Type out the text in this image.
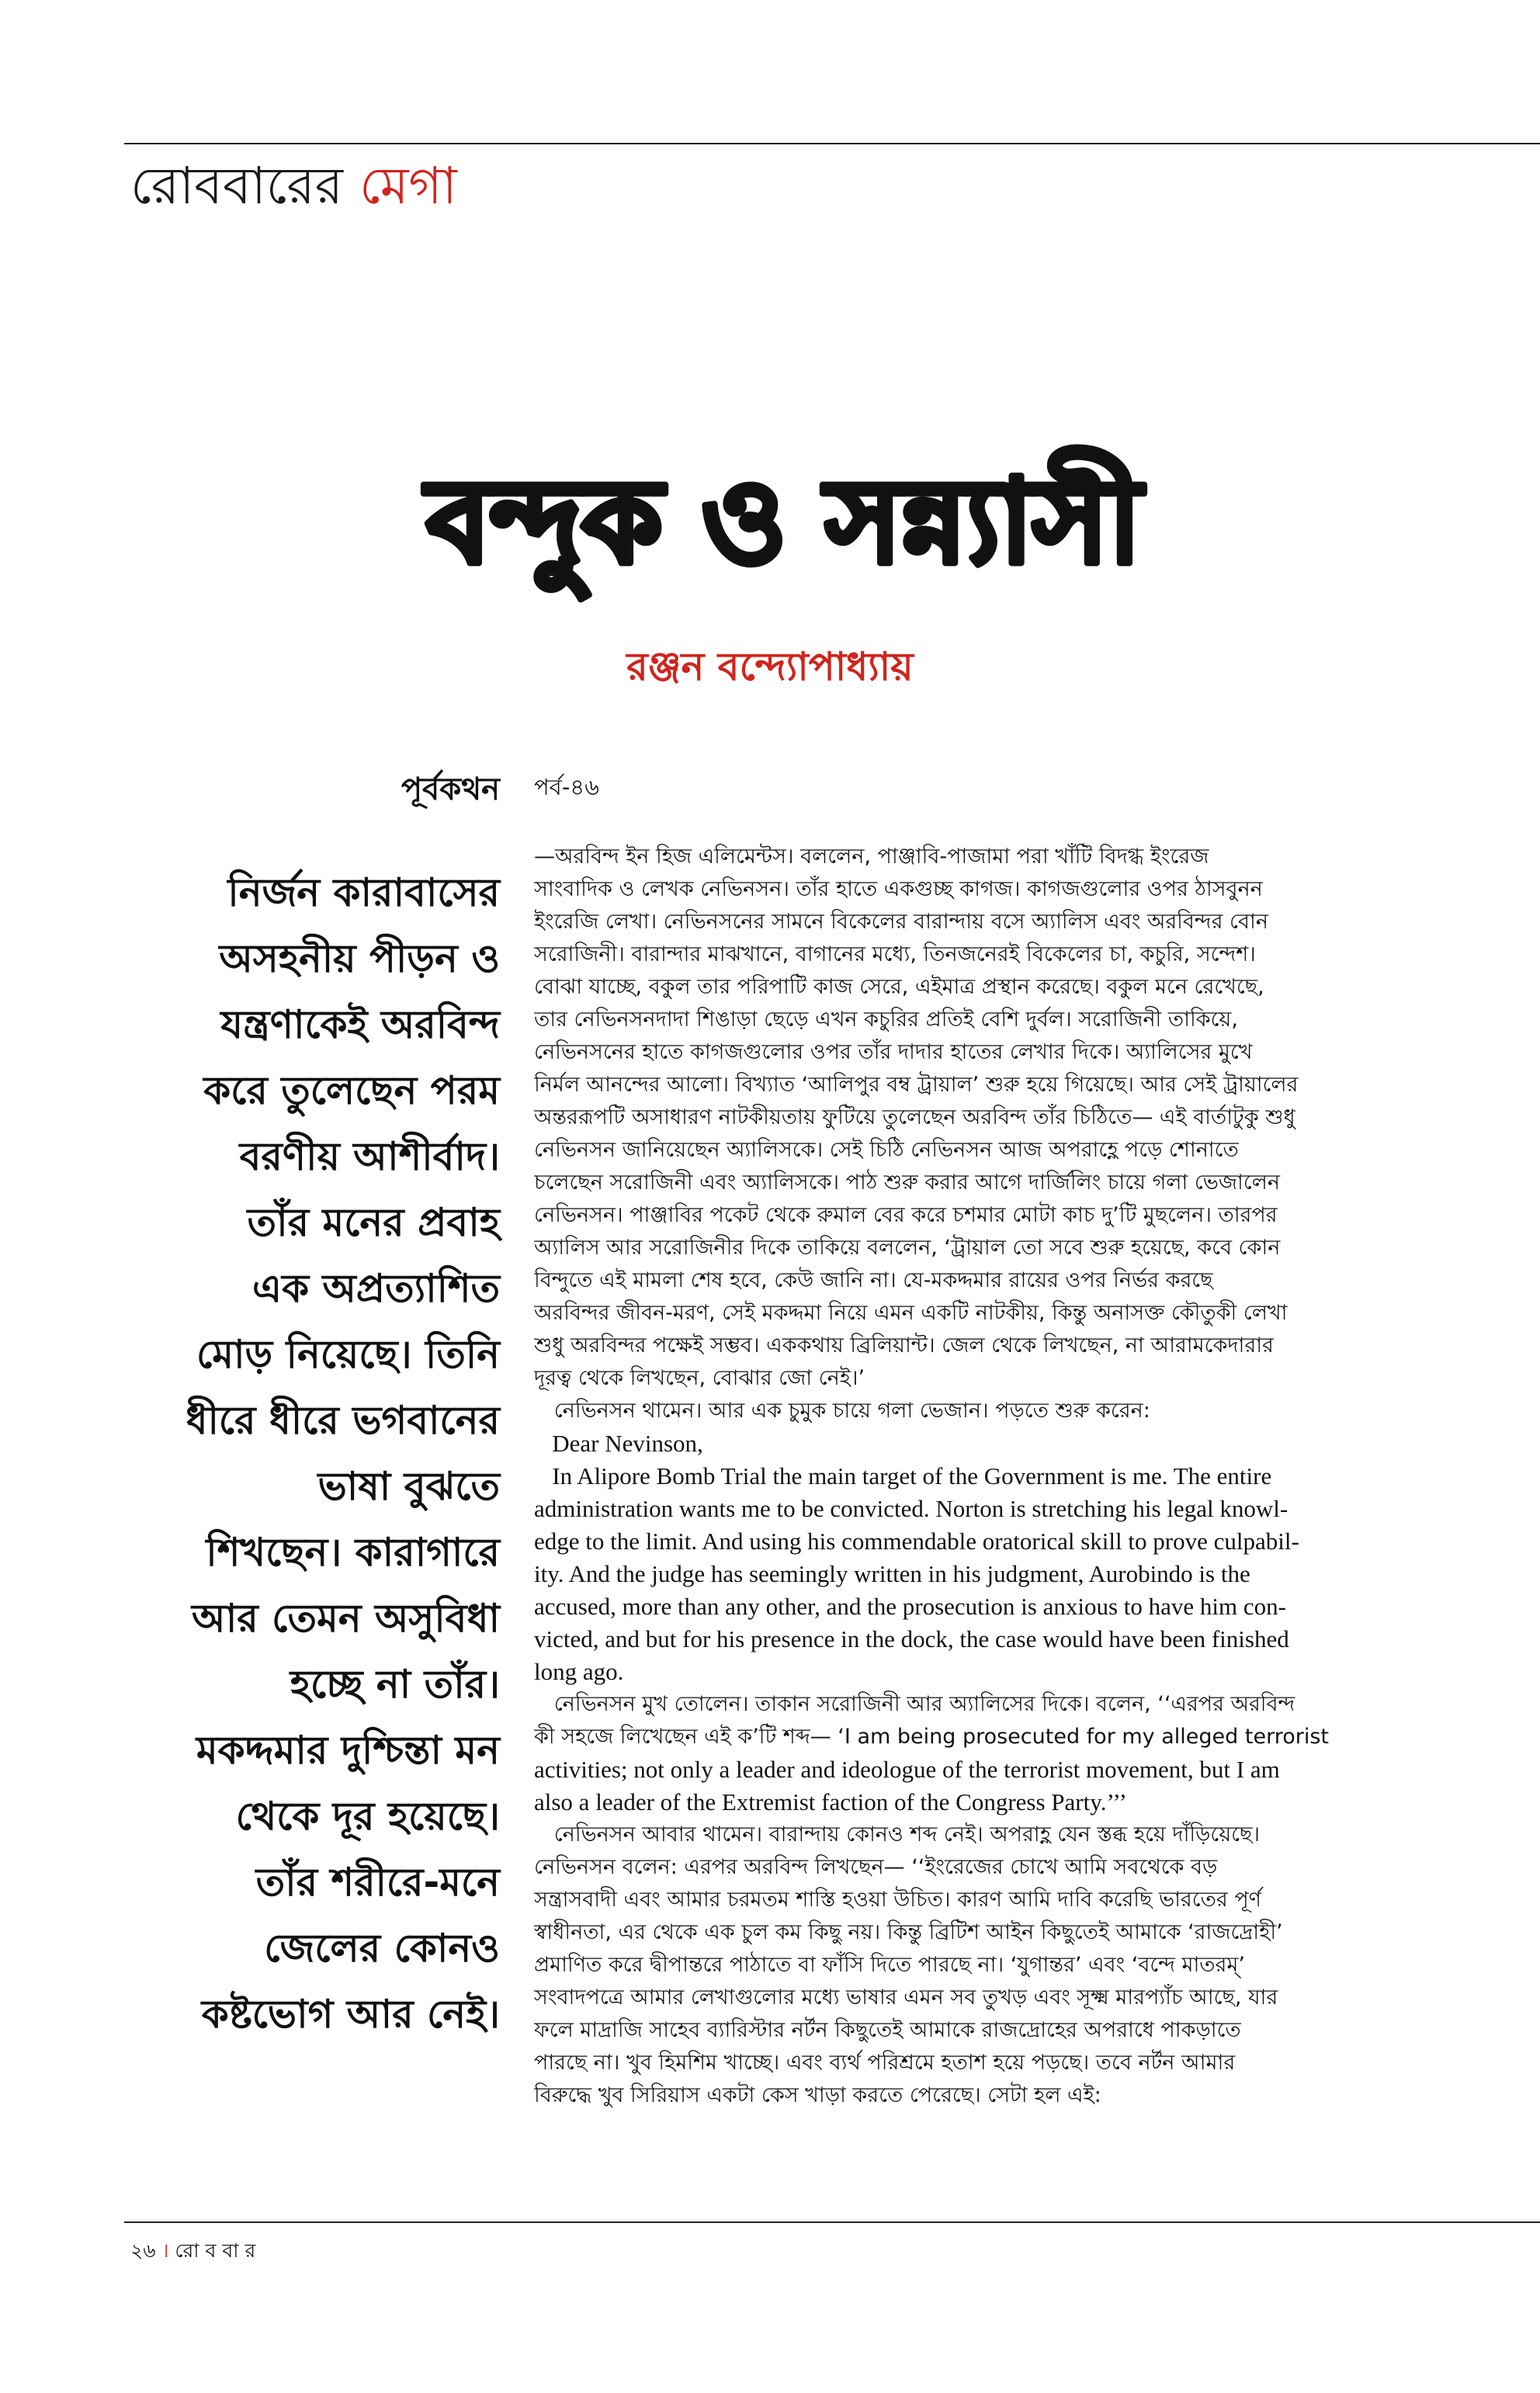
রোববারের মেগা
বন্দুক ও সন্ন্যাসী
রঞ্জন বন্দ্যোপাধ্যায়
পূর্বকথন
নির্জন কারাবাসের
অসহনীয় পীড়ন ও
যন্ত্রণাকেই অরবিন্দ
করে তুলেছেন পরম
বরণীয় আশীর্বাদ।
তাঁর মনের প্রবাহ
এক অপ্রত্যাশিত
মোড় নিয়েছে। তিনি
ধীরে ধীরে ভগবানের
ভাষা বুঝতে
শিখছেন। কারাগারে
আর তেমন অসুবিধা
হচ্ছে না তাঁর।
মকদ্দমার দুশ্চিন্তা মন
থেকে দূর হয়েছে।
তাঁর শরীরে-মনে
জেলের কোনও
কষ্টভোগ আর নেই।
পর্ব-৪৬
—অরবিন্দ ইন হিজ এলিমেন্টস। বললেন, পাঞ্জাবি-পাজামা পরা খাঁটি বিদগ্ধ ইংরেজ
সাংবাদিক ও লেখক নেভিনসন। তাঁর হাতে একগুচ্ছ কাগজ। কাগজগুলোর ওপর ঠাসবুনন
ইংরেজি লেখা। নেভিনসনের সামনে বিকেলের বারান্দায় বসে অ্যালিস এবং অরবিন্দর বোন
সরোজিনী। বারান্দার মাঝখানে, বাগানের মধ্যে, তিনজনেরই বিকেলের চা, কচুরি, সন্দেশ।
বোঝা যাচ্ছে, বকুল তার পরিপাটি কাজ সেরে, এইমাত্র প্রস্থান করেছে। বকুল মনে রেখেছে,
তার নেভিনসনদাদা শিঙাড়া ছেড়ে এখন কচুরির প্রতিই বেশি দুর্বল। সরোজিনী তাকিয়ে,
নেভিনসনের হাতে কাগজগুলোর ওপর তাঁর দাদার হাতের লেখার দিকে। অ্যালিসের মুখে
নির্মল আনন্দের আলো। বিখ্যাত ‘আলিপুর বম্ব ট্রায়াল’ শুরু হয়ে গিয়েছে। আর সেই ট্রায়ালের
অন্তররূপটি অসাধারণ নাটকীয়তায় ফুটিয়ে তুলেছেন অরবিন্দ তাঁর চিঠিতে— এই বার্তাটুকু শুধু
নেভিনসন জানিয়েছেন অ্যালিসকে। সেই চিঠি নেভিনসন আজ অপরাহ্ণে পড়ে শোনাতে
চলেছেন সরোজিনী এবং অ্যালিসকে। পাঠ শুরু করার আগে দার্জিলিং চায়ে গলা ভেজালেন
নেভিনসন। পাঞ্জাবির পকেট থেকে রুমাল বের করে চশমার মোটা কাচ দু’টি মুছলেন। তারপর
অ্যালিস আর সরোজিনীর দিকে তাকিয়ে বললেন, ‘ট্রায়াল তো সবে শুরু হয়েছে, কবে কোন
বিন্দুতে এই মামলা শেষ হবে, কেউ জানি না। যে-মকদ্দমার রায়ের ওপর নির্ভর করছে
অরবিন্দর জীবন-মরণ, সেই মকদ্দমা নিয়ে এমন একটি নাটকীয়, কিন্তু অনাসক্ত কৌতুকী লেখা
শুধু অরবিন্দর পক্ষেই সম্ভব। এককথায় ব্রিলিয়ান্ট। জেল থেকে লিখছেন, না আরামকেদারার
দূরত্ব থেকে লিখছেন, বোঝার জো নেই।’
নেভিনসন থামেন। আর এক চুমুক চায়ে গলা ভেজান। পড়তে শুরু করেন:
Dear Nevinson,
In Alipore Bomb Trial the main target of the Government is me. The entire
administration wants me to be convicted. Norton is stretching his legal knowl-
edge to the limit. And using his commendable oratorical skill to prove culpabil-
ity. And the judge has seemingly written in his judgment, Aurobindo is the
accused, more than any other, and the prosecution is anxious to have him con-
victed, and but for his presence in the dock, the case would have been finished
long ago.
নেভিনসন মুখ তোলেন। তাকান সরোজিনী আর অ্যালিসের দিকে। বলেন, ‘‘এরপর অরবিন্দ
কী সহজে লিখেছেন এই ক’টি শব্দ— ‘I am being prosecuted for my alleged terrorist
activities; not only a leader and ideologue of the terrorist movement, but I am
also a leader of the Extremist faction of the Congress Party.’’’
নেভিনসন আবার থামেন। বারান্দায় কোনও শব্দ নেই। অপরাহ্ণ যেন স্তব্ধ হয়ে দাঁড়িয়েছে।
নেভিনসন বলেন: এরপর অরবিন্দ লিখছেন— ‘‘ইংরেজের চোখে আমি সবথেকে বড়
সন্ত্রাসবাদী এবং আমার চরমতম শাস্তি হওয়া উচিত। কারণ আমি দাবি করেছি ভারতের পূর্ণ
স্বাধীনতা, এর থেকে এক চুল কম কিছু নয়। কিন্তু ব্রিটিশ আইন কিছুতেই আমাকে ‘রাজদ্রোহী’
প্রমাণিত করে দ্বীপান্তরে পাঠাতে বা ফাঁসি দিতে পারছে না। ‘যুগান্তর’ এবং ‘বন্দে মাতরম্’
সংবাদপত্রে আমার লেখাগুলোর মধ্যে ভাষার এমন সব তুখড় এবং সূক্ষ্ম মারপ্যাঁচ আছে, যার
ফলে মাদ্রাজি সাহেব ব্যারিস্টার নর্টন কিছুতেই আমাকে রাজদ্রোহের অপরাধে পাকড়াতে
পারছে না। খুব হিমশিম খাচ্ছে। এবং ব্যর্থ পরিশ্রমে হতাশ হয়ে পড়ছে। তবে নর্টন আমার
বিরুদ্ধে খুব সিরিয়াস একটা কেস খাড়া করতে পেরেছে। সেটা হল এই:
২৬ । রো ব বা র
